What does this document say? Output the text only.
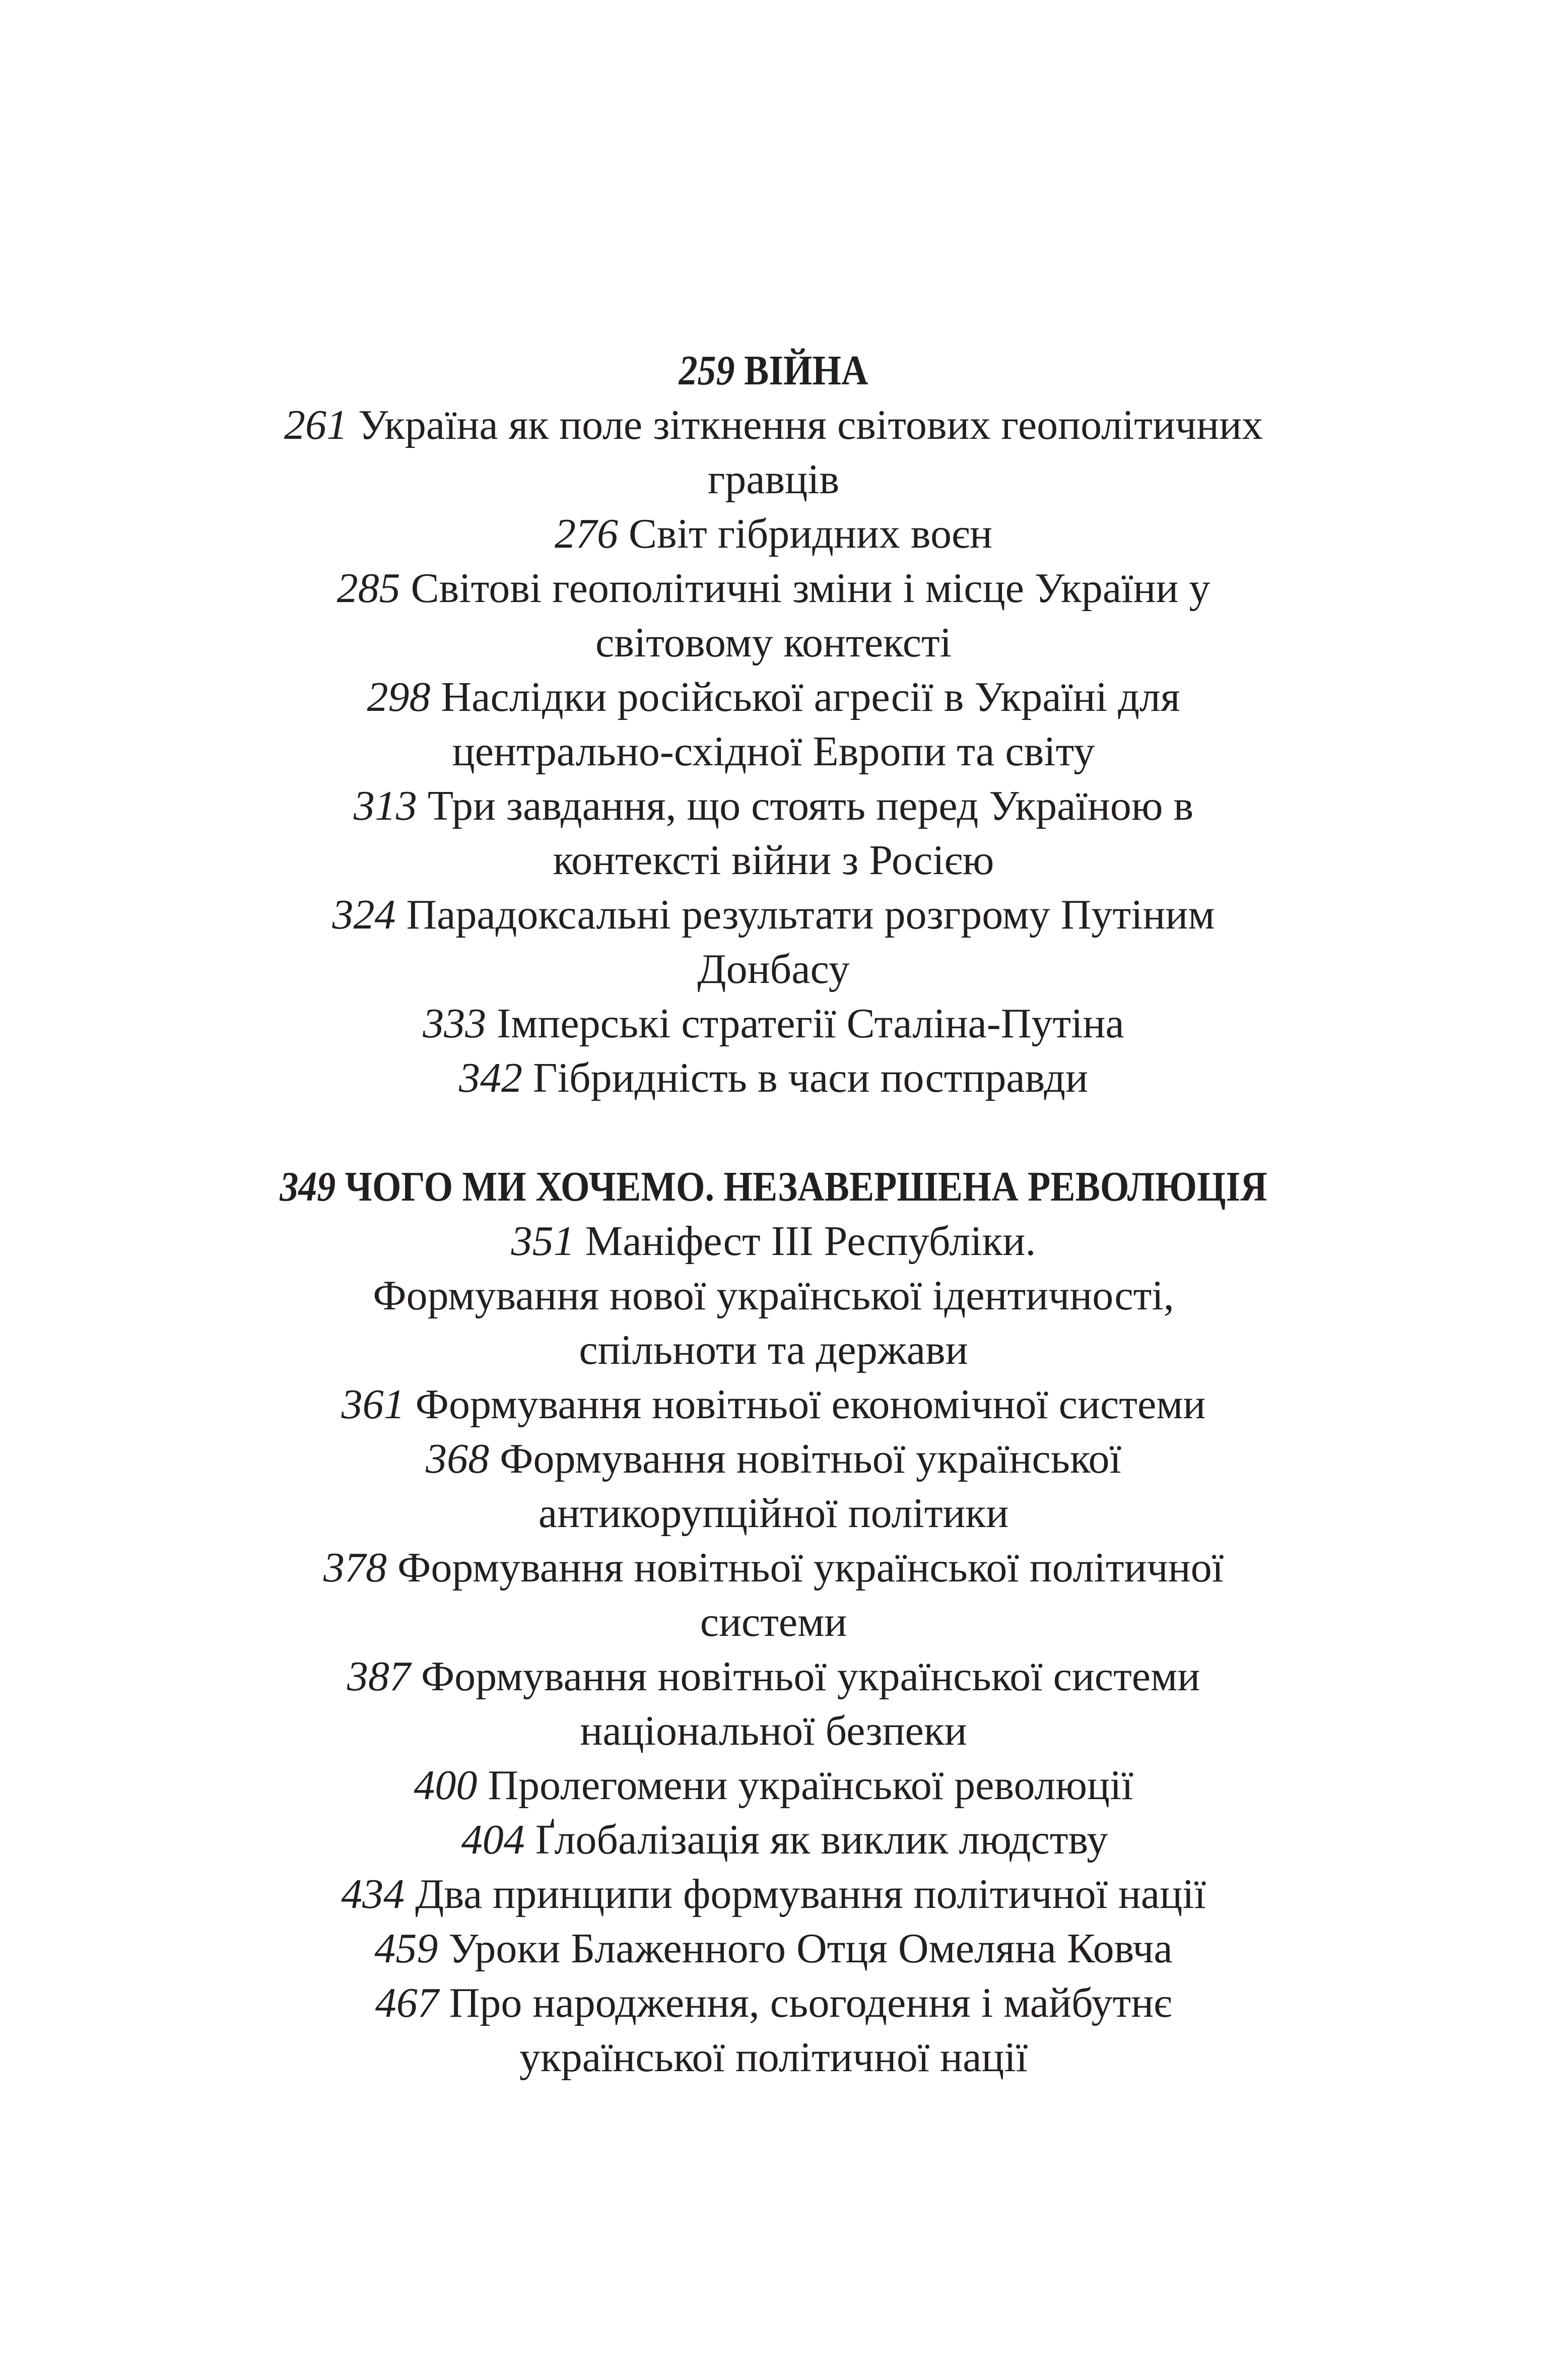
259 ВІЙНА

261 Україна як поле зіткнення світових геополітичних

гравців

276 Світ гібридних воєн

285 Світові геополітичні зміни і місце України у

світовому контексті

298 Наслідки російської агресії в Україні для

центрально-східної Европи та світу

313 Три завдання, що стоять перед Україною в

контексті війни з Росією

324 Парадоксальні результати розгрому Путіним

Донбасу

333 Імперські стратегії Сталіна-Путіна

342 Гібридність в часи постправди

349 ЧОГО МИ ХОЧЕМО. НЕЗАВЕРШЕНА РЕВОЛЮЦІЯ

351 Маніфест ІІІ Республіки.

Формування нової української ідентичності,

спільноти та держави

361 Формування новітньої економічної системи

368 Формування новітньої української

антикорупційної політики

378 Формування новітньої української політичної

системи

387 Формування новітньої української системи

національної безпеки

400 Пролегомени української революції

404 Ґлобалізація як виклик людству

434 Два принципи формування політичної нації

459 Уроки Блаженного Отця Омеляна Ковча

467 Про народження, сьогодення і майбутнє

української політичної нації
